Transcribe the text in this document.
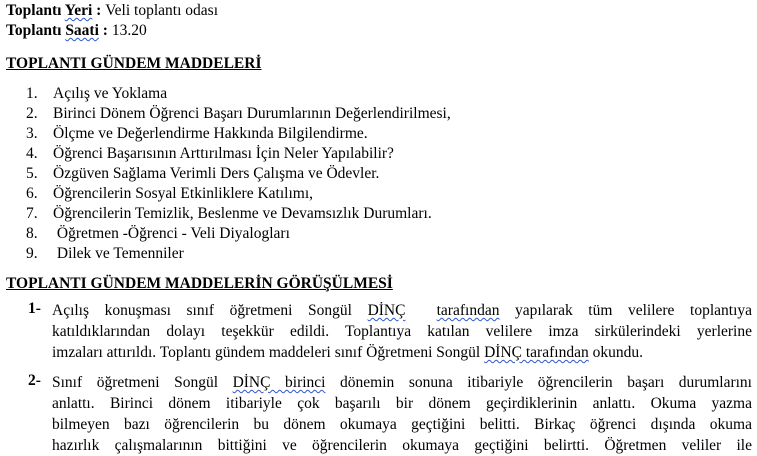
Toplantı Yeri : Veli toplantı odası
Toplantı Saati : 13.20
TOPLANTI GÜNDEM MADDELERİ
1. Açılış ve Yoklama
2. Birinci Dönem Öğrenci Başarı Durumlarının Değerlendirilmesi,
3. Ölçme ve Değerlendirme Hakkında Bilgilendirme.
4. Öğrenci Başarısının Arttırılması İçin Neler Yapılabilir?
5. Özgüven Sağlama Verimli Ders Çalışma ve Ödevler.
6. Öğrencilerin Sosyal Etkinliklere Katılımı,
7. Öğrencilerin Temizlik, Beslenme ve Devamsızlık Durumları.
8. Öğretmen -Öğrenci - Veli Diyalogları
9. Dilek ve Temenniler
TOPLANTI GÜNDEM MADDELERİN GÖRÜŞÜLMESİ
1- Açılış konuşması sınıf öğretmeni Songül DİNÇ tarafından yapılarak tüm velilere toplantıya
katıldıklarından dolayı teşekkür edildi. Toplantıya katılan velilere imza sirkülerindeki yerlerine
imzaları attırıldı. Toplantı gündem maddeleri sınıf Öğretmeni Songül DİNÇ tarafından okundu.
2- Sınıf öğretmeni Songül DİNÇ birinci dönemin sonuna itibariyle öğrencilerin başarı durumlarını
anlattı. Birinci dönem itibariyle çok başarılı bir dönem geçirdiklerinin anlattı. Okuma yazma
bilmeyen bazı öğrencilerin bu dönem okumaya geçtiğini belitti. Birkaç öğrenci dışında okuma
hazırlık çalışmalarının bittiğini ve öğrencilerin okumaya geçtiğini belirtti. Öğretmen veliler ile
